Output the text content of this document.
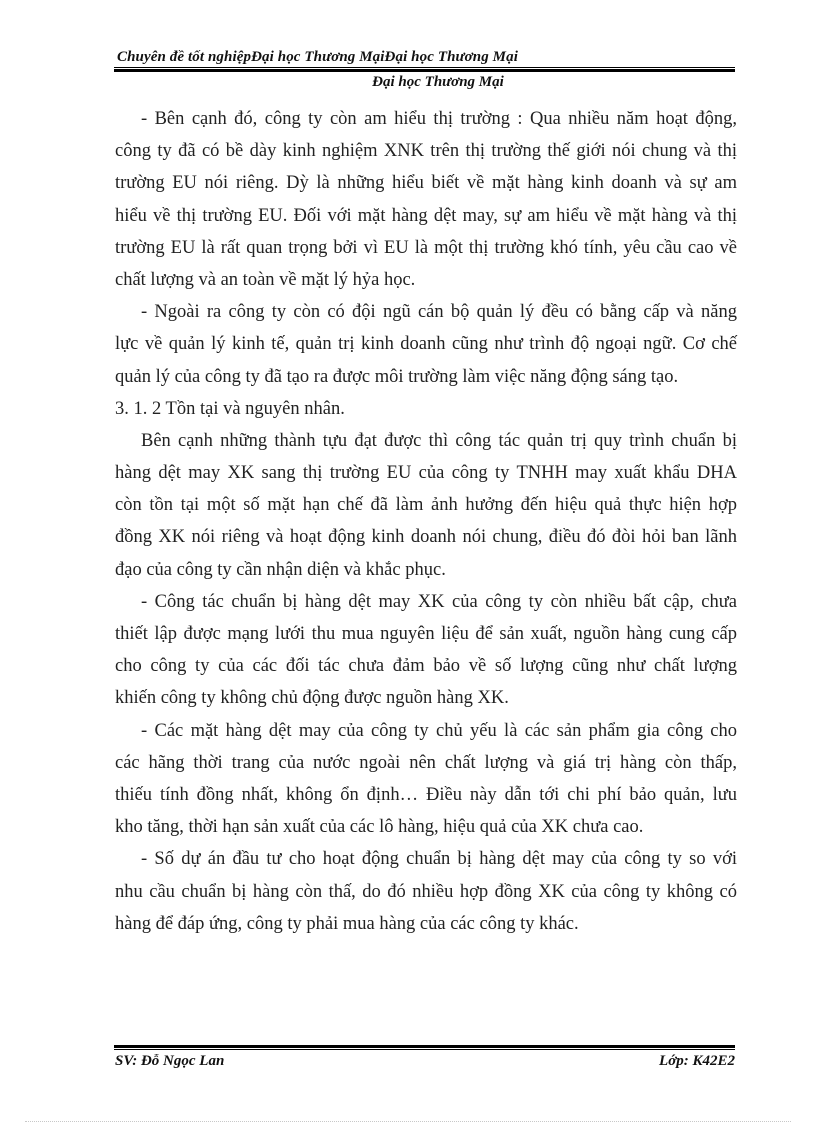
Chuyên đề tốt nghiệpĐại học Thương MạiĐại học Thương Mại
Đại học Thương Mại
- Bên cạnh đó, công ty còn am hiểu thị trường : Qua nhiều năm hoạt động,
công ty đã có bề dày kinh nghiệm XNK trên thị trường thế giới nói chung và thị
trường EU nói riêng. Dỳ là những hiểu biết về mặt hàng kinh doanh và sự am
hiểu về thị trường EU. Đối với mặt hàng dệt may, sự am hiểu về mặt hàng và thị
trường EU là rất quan trọng bởi vì EU là một thị trường khó tính, yêu cầu cao về
chất lượng và an toàn về mặt lý hỷa học.
- Ngoài ra công ty còn có đội ngũ cán bộ quản lý đều có bằng cấp và năng
lực về quản lý kinh tế, quản trị kinh doanh cũng như trình độ ngoại ngữ. Cơ chế
quản lý của công ty đã tạo ra được môi trường làm việc năng động sáng tạo.
3. 1. 2 Tồn tại và nguyên nhân.
Bên cạnh những thành tựu đạt được thì công tác quản trị quy trình chuẩn bị
hàng dệt may XK sang thị trường EU của công ty TNHH may xuất khẩu DHA
còn tồn tại một số mặt hạn chế đã làm ảnh hưởng đến hiệu quả thực hiện hợp
đồng XK nói riêng và hoạt động kinh doanh nói chung, điều đó đòi hỏi ban lãnh
đạo của công ty cần nhận diện và khắc phục.
- Công tác chuẩn bị hàng dệt may XK của công ty còn nhiều bất cập, chưa
thiết lập được mạng lưới thu mua nguyên liệu để sản xuất, nguồn hàng cung cấp
cho công ty của các đối tác chưa đảm bảo về số lượng cũng như chất lượng
khiến công ty không chủ động được nguồn hàng XK.
- Các mặt hàng dệt may của công ty chủ yếu là các sản phẩm gia công cho
các hãng thời trang của nước ngoài nên chất lượng và giá trị hàng còn thấp,
thiếu tính đồng nhất, không ổn định… Điều này dẫn tới chi phí bảo quản, lưu
kho tăng, thời hạn sản xuất của các lô hàng, hiệu quả của XK chưa cao.
- Số dự án đầu tư cho hoạt động chuẩn bị hàng dệt may của công ty so với
nhu cầu chuẩn bị hàng còn thấ, do đó nhiều hợp đồng XK của công ty không có
hàng để đáp ứng, công ty phải mua hàng của các công ty khác.
SV: Đỗ Ngọc Lan	Lớp: K42E2
